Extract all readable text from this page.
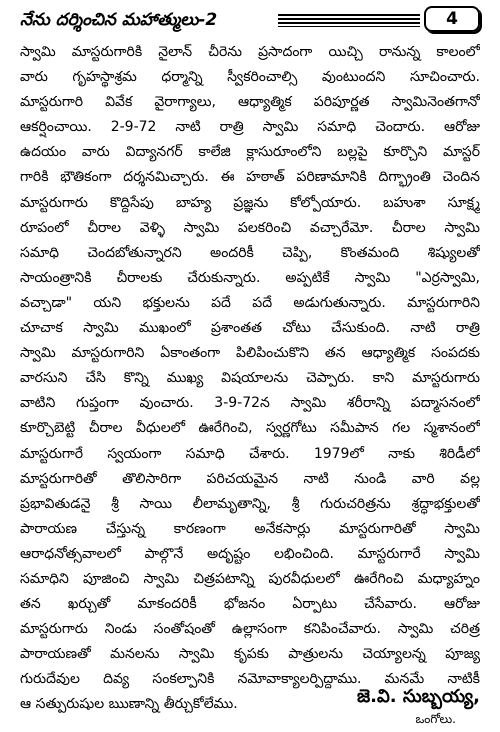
నేను దర్శించిన మహాత్ములు-2	4
స్వామి మాస్టరుగారికి నైలాన్ చీరెను ప్రసాదంగా యిచ్చి రానున్న కాలంలో
వారు గృహస్థాశ్రమ ధర్మాన్ని స్వీకరించాల్సి వుంటుందని సూచించారు.
మాస్టరుగారి వివేక వైరాగ్యాలు, ఆధ్యాత్మిక పరిపూర్ణత స్వామినెంతగానో
ఆకర్షించాయి. 2-9-72 నాటి రాత్రి స్వామి సమాధి చెందారు. ఆరోజు
ఉదయం వారు విద్యానగర్ కాలేజి క్లాసురూంలోని బల్లపై కూర్చొని మాస్టర్
గారికి భౌతికంగా దర్శనమిచ్చారు. ఈ హఠాత్ పరిణామానికి దిగ్భ్రాంతి చెందిన
మాస్టరుగారు కొద్దిసేపు బాహ్య ప్రజ్ఞను కోల్పోయారు. బహుశా సూక్ష్మ
రూపంలో చీరాల వెళ్ళి స్వామి పలకరించి వచ్చారేమో. చీరాల స్వామి
సమాధి చెందబోతున్నారని అందరికీ చెప్పి, కొంతమంది శిష్యులతో
సాయంత్రానికి చీరాలకు చేరుకున్నారు. అప్పటికే స్వామి "ఎర్రస్వామి,
వచ్చాడా" యని భక్తులను పదే పదే అడుగుతున్నారు. మాస్టరుగారిని
చూచాక స్వామి ముఖంలో ప్రశాంతత చోటు చేసుకుంది. నాటి రాత్రి
స్వామి మాస్టరుగారిని ఏకాంతంగా పిలిపించుకొని తన ఆధ్యాత్మిక సంపదకు
వారసుని చేసి కొన్ని ముఖ్య విషయాలను చెప్పారు. కాని మాస్టరుగారు
వాటిని గుప్తంగా వుంచారు. 3-9-72న స్వామి శరీరాన్ని పద్మాసనంలో
కూర్చొబెట్టి చీరాల వీధులలో ఊరేగించి, స్వర్ణగోటు సమీపాన గల స్మశానంలో
మాస్టరుగారే స్వయంగా సమాధి చేశారు. 1979లో నాకు శిరిడీలో
మాస్టరుగారితో తొలిసారిగా పరిచయమైన నాటి నుండి వారి వల్ల
ప్రభావితుడనై శ్రీ సాయి లీలామృతాన్ని, శ్రీ గురుచరిత్రను శ్రద్ధాభక్తులతో
పారాయణ చేస్తున్న కారణంగా అనేకసార్లు మాస్టరుగారితో స్వామి
ఆరాధనోత్సవాలలో పాల్గొనే అదృష్టం లభించింది. మాస్టరుగారే స్వామి
సమాధిని పూజించి స్వామి చిత్రపటాన్ని పురవీధులలో ఊరేగించి మధ్యాహ్నం
తన ఖర్చుతో మాకందరికీ భోజనం ఏర్పాటు చేసేవారు. ఆరోజు
మాస్టరుగారు నిండు సంతోషంతో ఉల్లాసంగా కనిపించేవారు. స్వామి చరిత్ర
పారాయణతో మనలను స్వామి కృపకు పాత్రులను చెయ్యాలన్న పూజ్య
గురుదేవుల దివ్య సంకల్పానికి నమోవాక్యాలర్పిద్దాము. మనమే నాటికీ
ఆ సత్పురుషుల ఋణాన్ని తీర్చుకోలేము.	జె.వి. సుబ్బయ్య,
ఒంగోలు.
